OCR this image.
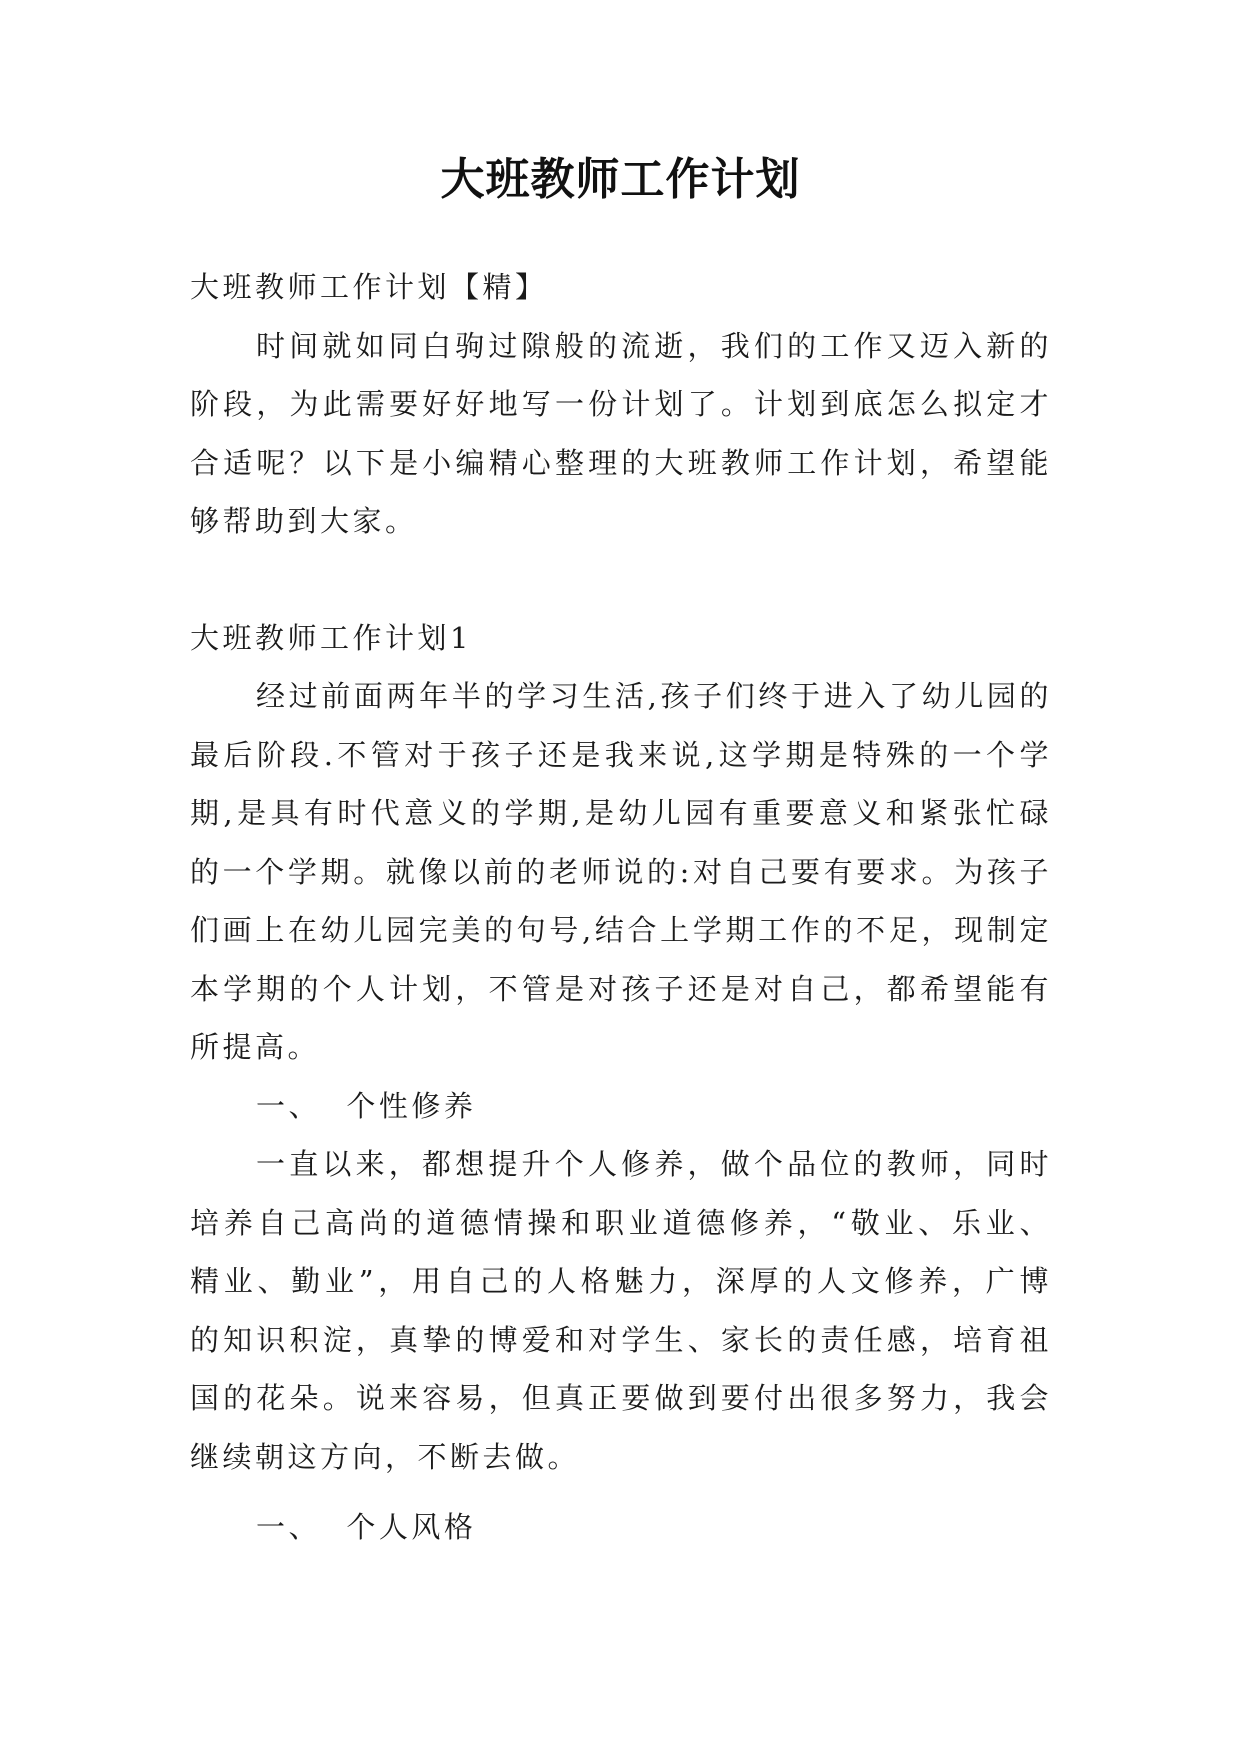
大班教师工作计划

大班教师工作计划【精】

时间就如同白驹过隙般的流逝，我们的工作又迈入新的阶段，为此需要好好地写一份计划了。计划到底怎么拟定才合适呢？以下是小编精心整理的大班教师工作计划，希望能够帮助到大家。

大班教师工作计划1

经过前面两年半的学习生活,孩子们终于进入了幼儿园的最后阶段.不管对于孩子还是我来说,这学期是特殊的一个学期,是具有时代意义的学期,是幼儿园有重要意义和紧张忙碌的一个学期。就像以前的老师说的:对自己要有要求。为孩子们画上在幼儿园完美的句号,结合上学期工作的不足，现制定本学期的个人计划，不管是对孩子还是对自己，都希望能有所提高。

一、  个性修养

一直以来，都想提升个人修养，做个品位的教师，同时培养自己高尚的道德情操和职业道德修养，“敬业、乐业、精业、勤业”，用自己的人格魅力，深厚的人文修养，广博的知识积淀，真挚的博爱和对学生、家长的责任感，培育祖国的花朵。说来容易，但真正要做到要付出很多努力，我会继续朝这方向，不断去做。

一、  个人风格
